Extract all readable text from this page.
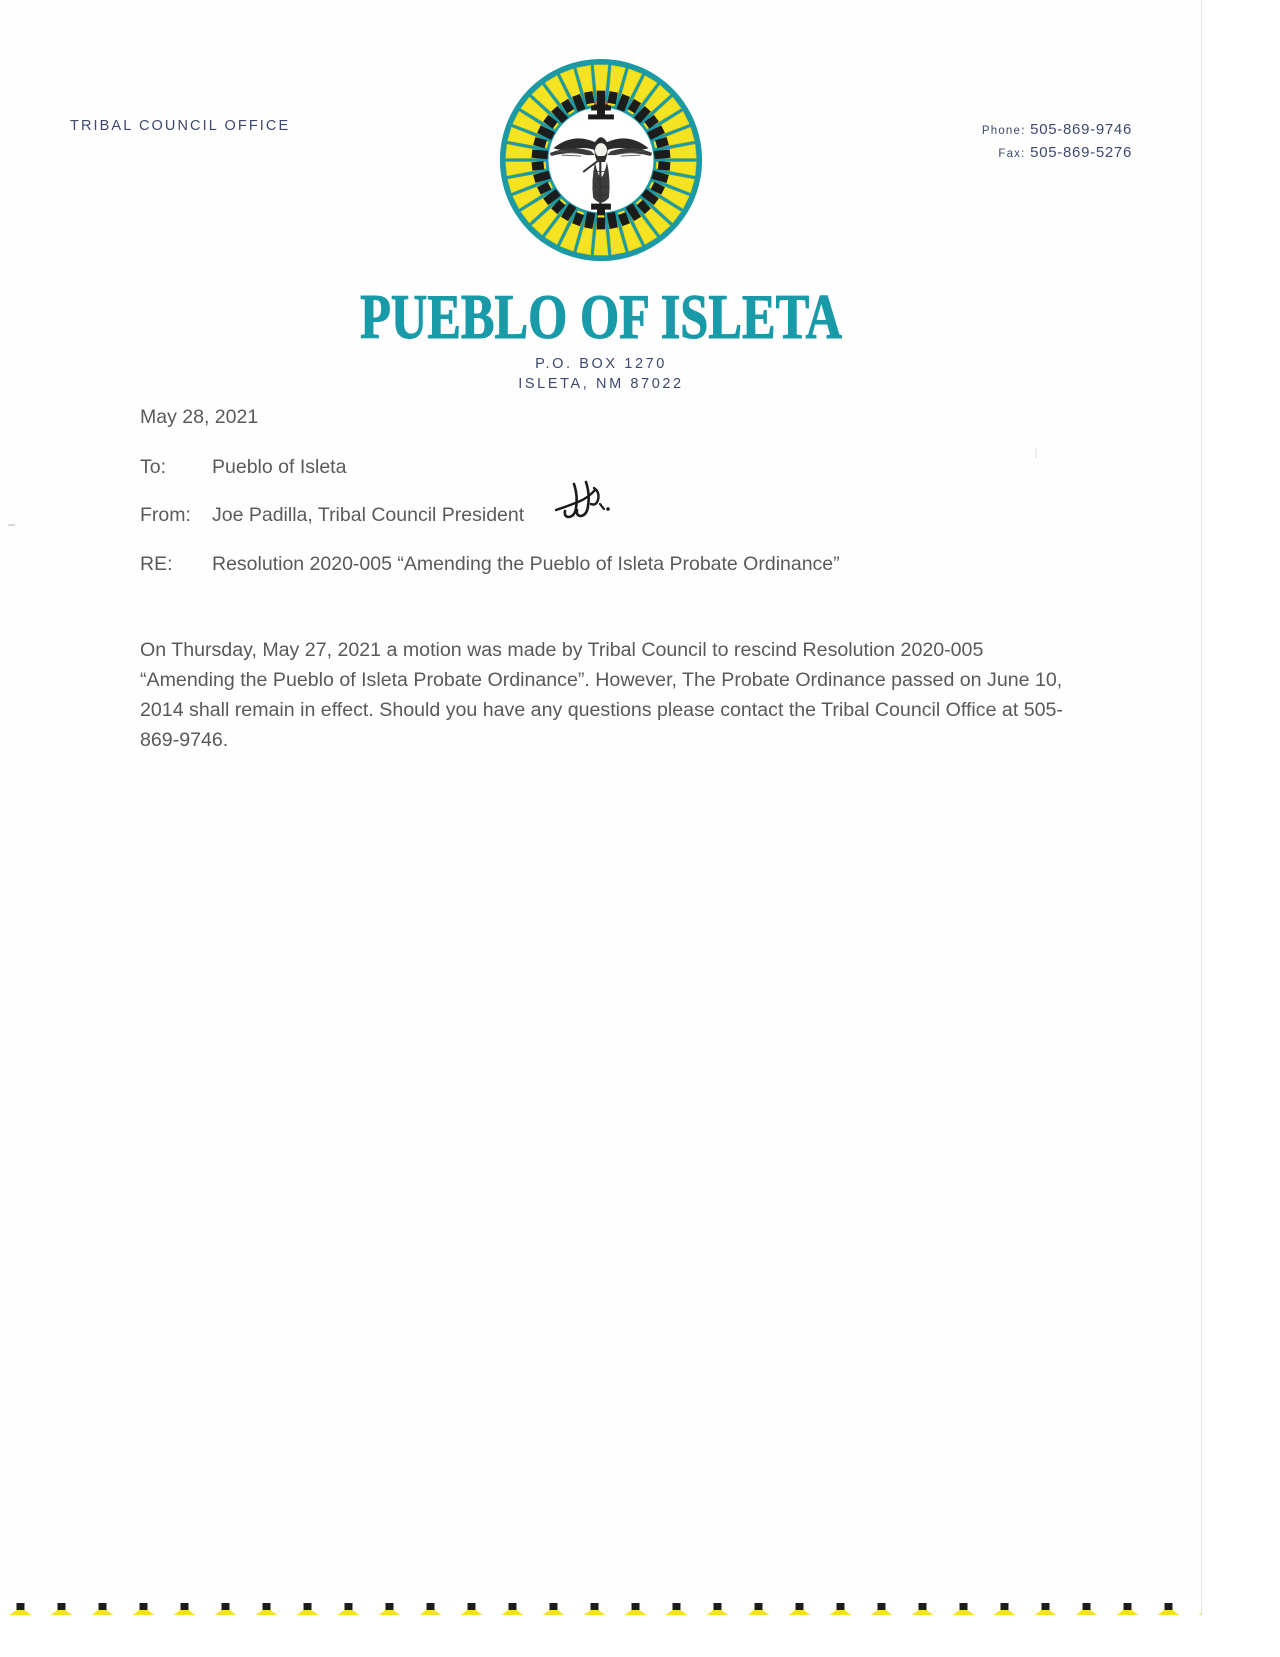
TRIBAL COUNCIL OFFICE	Phone: 505-869-9746
Fax: 505-869-5276
PUEBLO OF ISLETA
P.O. BOX 1270
ISLETA, NM 87022
May 28, 2021
To:	Pueblo of Isleta
From:	Joe Padilla, Tribal Council President
RE:	Resolution 2020-005 “Amending the Pueblo of Isleta Probate Ordinance”

On Thursday, May 27, 2021 a motion was made by Tribal Council to rescind Resolution 2020-005 “Amending the Pueblo of Isleta Probate Ordinance”. However, The Probate Ordinance passed on June 10, 2014 shall remain in effect. Should you have any questions please contact the Tribal Council Office at 505-869-9746.
